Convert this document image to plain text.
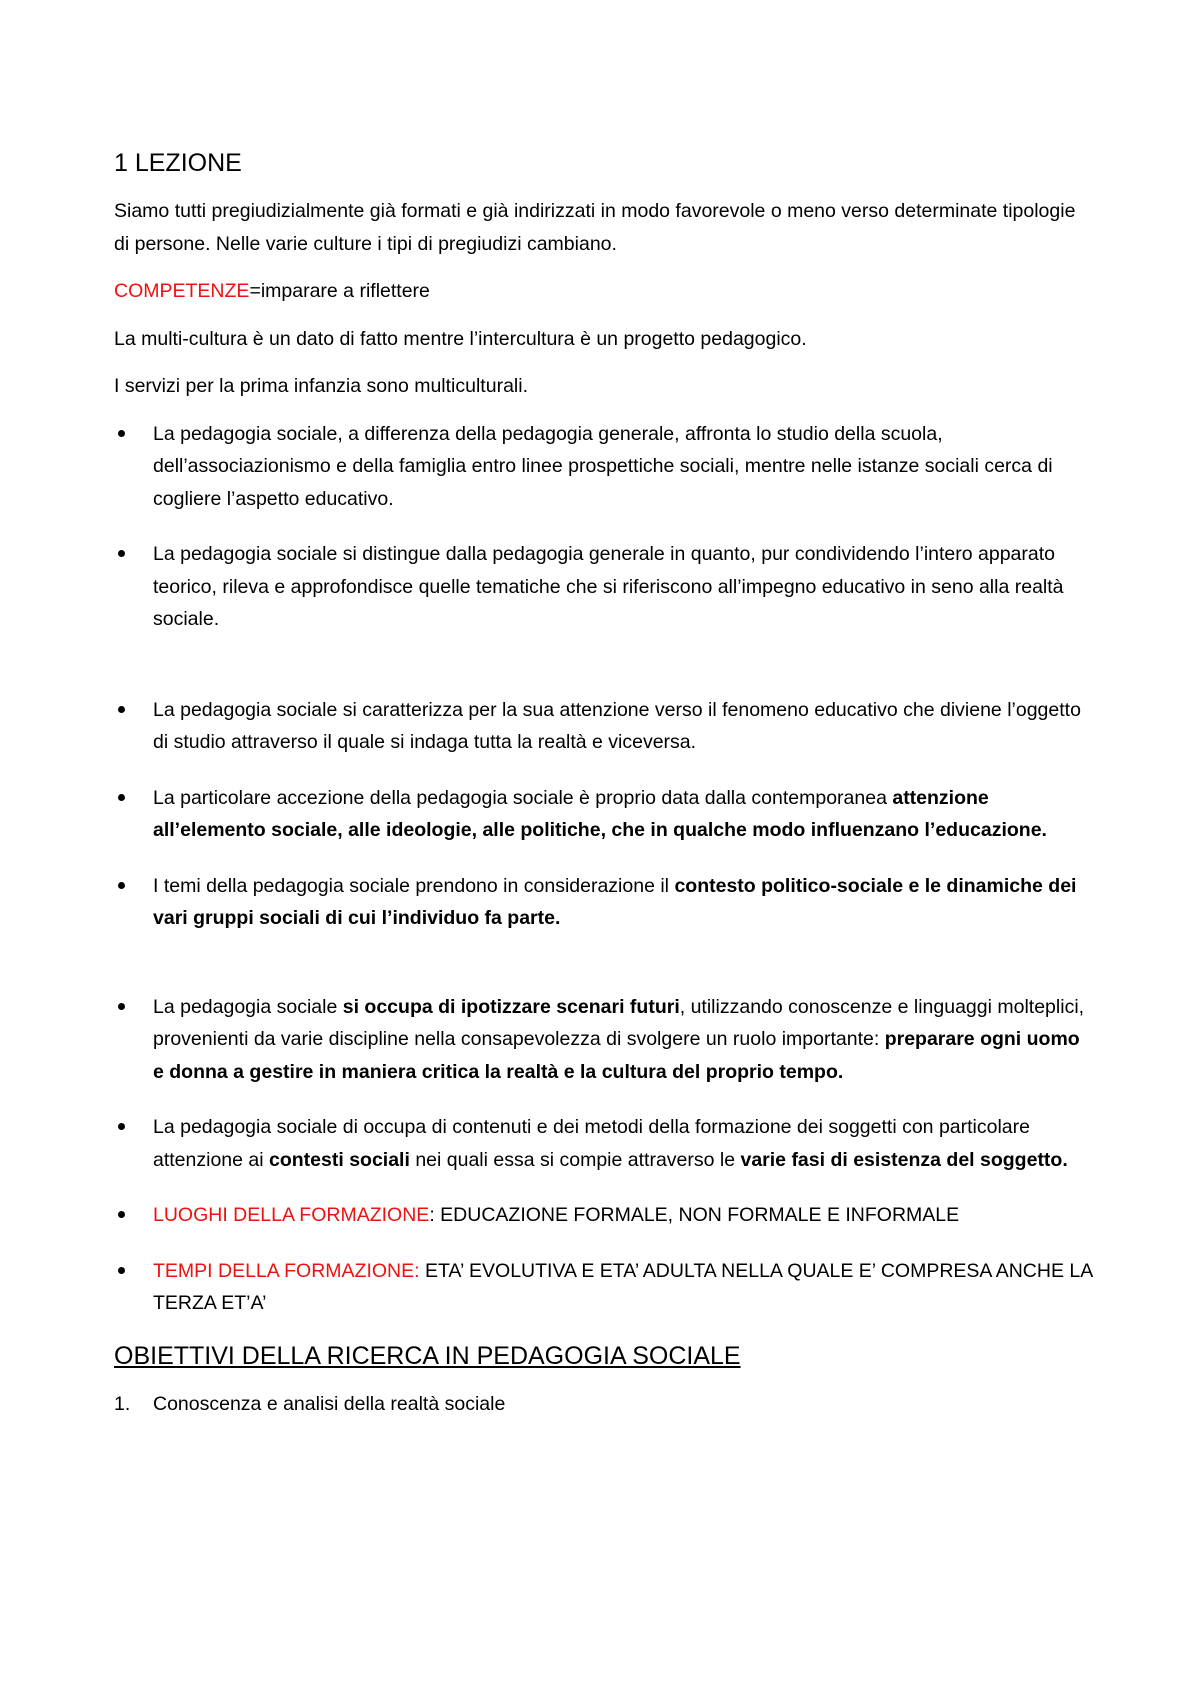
1 LEZIONE

Siamo tutti pregiudizialmente già formati e già indirizzati in modo favorevole o meno verso determinate tipologie di persone. Nelle varie culture i tipi di pregiudizi cambiano.

COMPETENZE=imparare a riflettere

La multi-cultura è un dato di fatto mentre l’intercultura è un progetto pedagogico.

I servizi per la prima infanzia sono multiculturali.

La pedagogia sociale, a differenza della pedagogia generale, affronta lo studio della scuola, dell’associazionismo e della famiglia entro linee prospettiche sociali, mentre nelle istanze sociali cerca di cogliere l’aspetto educativo.
La pedagogia sociale si distingue dalla pedagogia generale in quanto, pur condividendo l’intero apparato teorico, rileva e approfondisce quelle tematiche che si riferiscono all’impegno educativo in seno alla realtà sociale.
La pedagogia sociale si caratterizza per la sua attenzione verso il fenomeno educativo che diviene l’oggetto di studio attraverso il quale si indaga tutta la realtà e viceversa.
La particolare accezione della pedagogia sociale è proprio data dalla contemporanea attenzione all’elemento sociale, alle ideologie, alle politiche, che in qualche modo influenzano l’educazione.
I temi della pedagogia sociale prendono in considerazione il contesto politico-sociale e le dinamiche dei vari gruppi sociali di cui l’individuo fa parte.
La pedagogia sociale si occupa di ipotizzare scenari futuri, utilizzando conoscenze e linguaggi molteplici, provenienti da varie discipline nella consapevolezza di svolgere un ruolo importante: preparare ogni uomo e donna a gestire in maniera critica la realtà e la cultura del proprio tempo.
La pedagogia sociale di occupa di contenuti e dei metodi della formazione dei soggetti con particolare attenzione ai contesti sociali nei quali essa si compie attraverso le varie fasi di esistenza del soggetto.
LUOGHI DELLA FORMAZIONE: EDUCAZIONE FORMALE, NON FORMALE E INFORMALE
TEMPI DELLA FORMAZIONE: ETA’ EVOLUTIVA E ETA’ ADULTA NELLA QUALE E’ COMPRESA ANCHE LA TERZA ET’A’
OBIETTIVI DELLA RICERCA IN PEDAGOGIA SOCIALE
1. Conoscenza e analisi della realtà sociale
